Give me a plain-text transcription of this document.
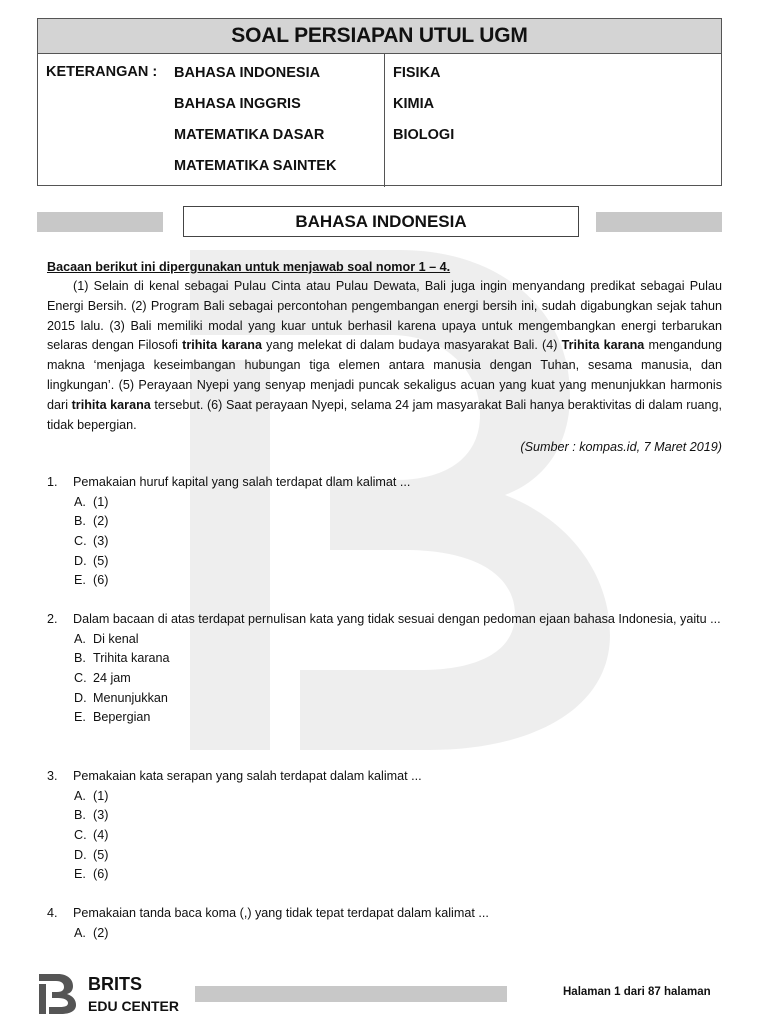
SOAL PERSIAPAN UTUL UGM
KETERANGAN : BAHASA INDONESIA
BAHASA INGGRIS
MATEMATIKA DASAR
MATEMATIKA SAINTEK
FISIKA
KIMIA
BIOLOGI
BAHASA INDONESIA
Bacaan berikut ini dipergunakan untuk menjawab soal nomor 1 – 4.

(1) Selain di kenal sebagai Pulau Cinta atau Pulau Dewata, Bali juga ingin menyandang predikat sebagai Pulau Energi Bersih. (2) Program Bali sebagai percontohan pengembangan energi bersih ini, sudah digabungkan sejak tahun 2015 lalu. (3) Bali memiliki modal yang kuar untuk berhasil karena upaya untuk mengembangkan energi terbarukan selaras dengan Filosofi trihita karana yang melekat di dalam budaya masyarakat Bali. (4) Trihita karana mengandung makna ‘menjaga keseimbangan hubungan tiga elemen antara manusia dengan Tuhan, sesama manusia, dan lingkungan’. (5) Perayaan Nyepi yang senyap menjadi puncak sekaligus acuan yang kuat yang menunjukkan harmonis dari trihita karana tersebut. (6) Saat perayaan Nyepi, selama 24 jam masyarakat Bali hanya beraktivitas di dalam ruang, tidak bepergian.

(Sumber : kompas.id, 7 Maret 2019)
1. Pemakaian huruf kapital yang salah terdapat dlam kalimat ...
A. (1)
B. (2)
C. (3)
D. (5)
E. (6)
2. Dalam bacaan di atas terdapat pernulisan kata yang tidak sesuai dengan pedoman ejaan bahasa Indonesia, yaitu ...
A. Di kenal
B. Trihita karana
C. 24 jam
D. Menunjukkan
E. Bepergian
3. Pemakaian kata serapan yang salah terdapat dalam kalimat ...
A. (1)
B. (3)
C. (4)
D. (5)
E. (6)
4. Pemakaian tanda baca koma (,) yang tidak tepat terdapat dalam kalimat ...
A. (2)
BRITS
EDU CENTER
Halaman 1 dari 87 halaman
